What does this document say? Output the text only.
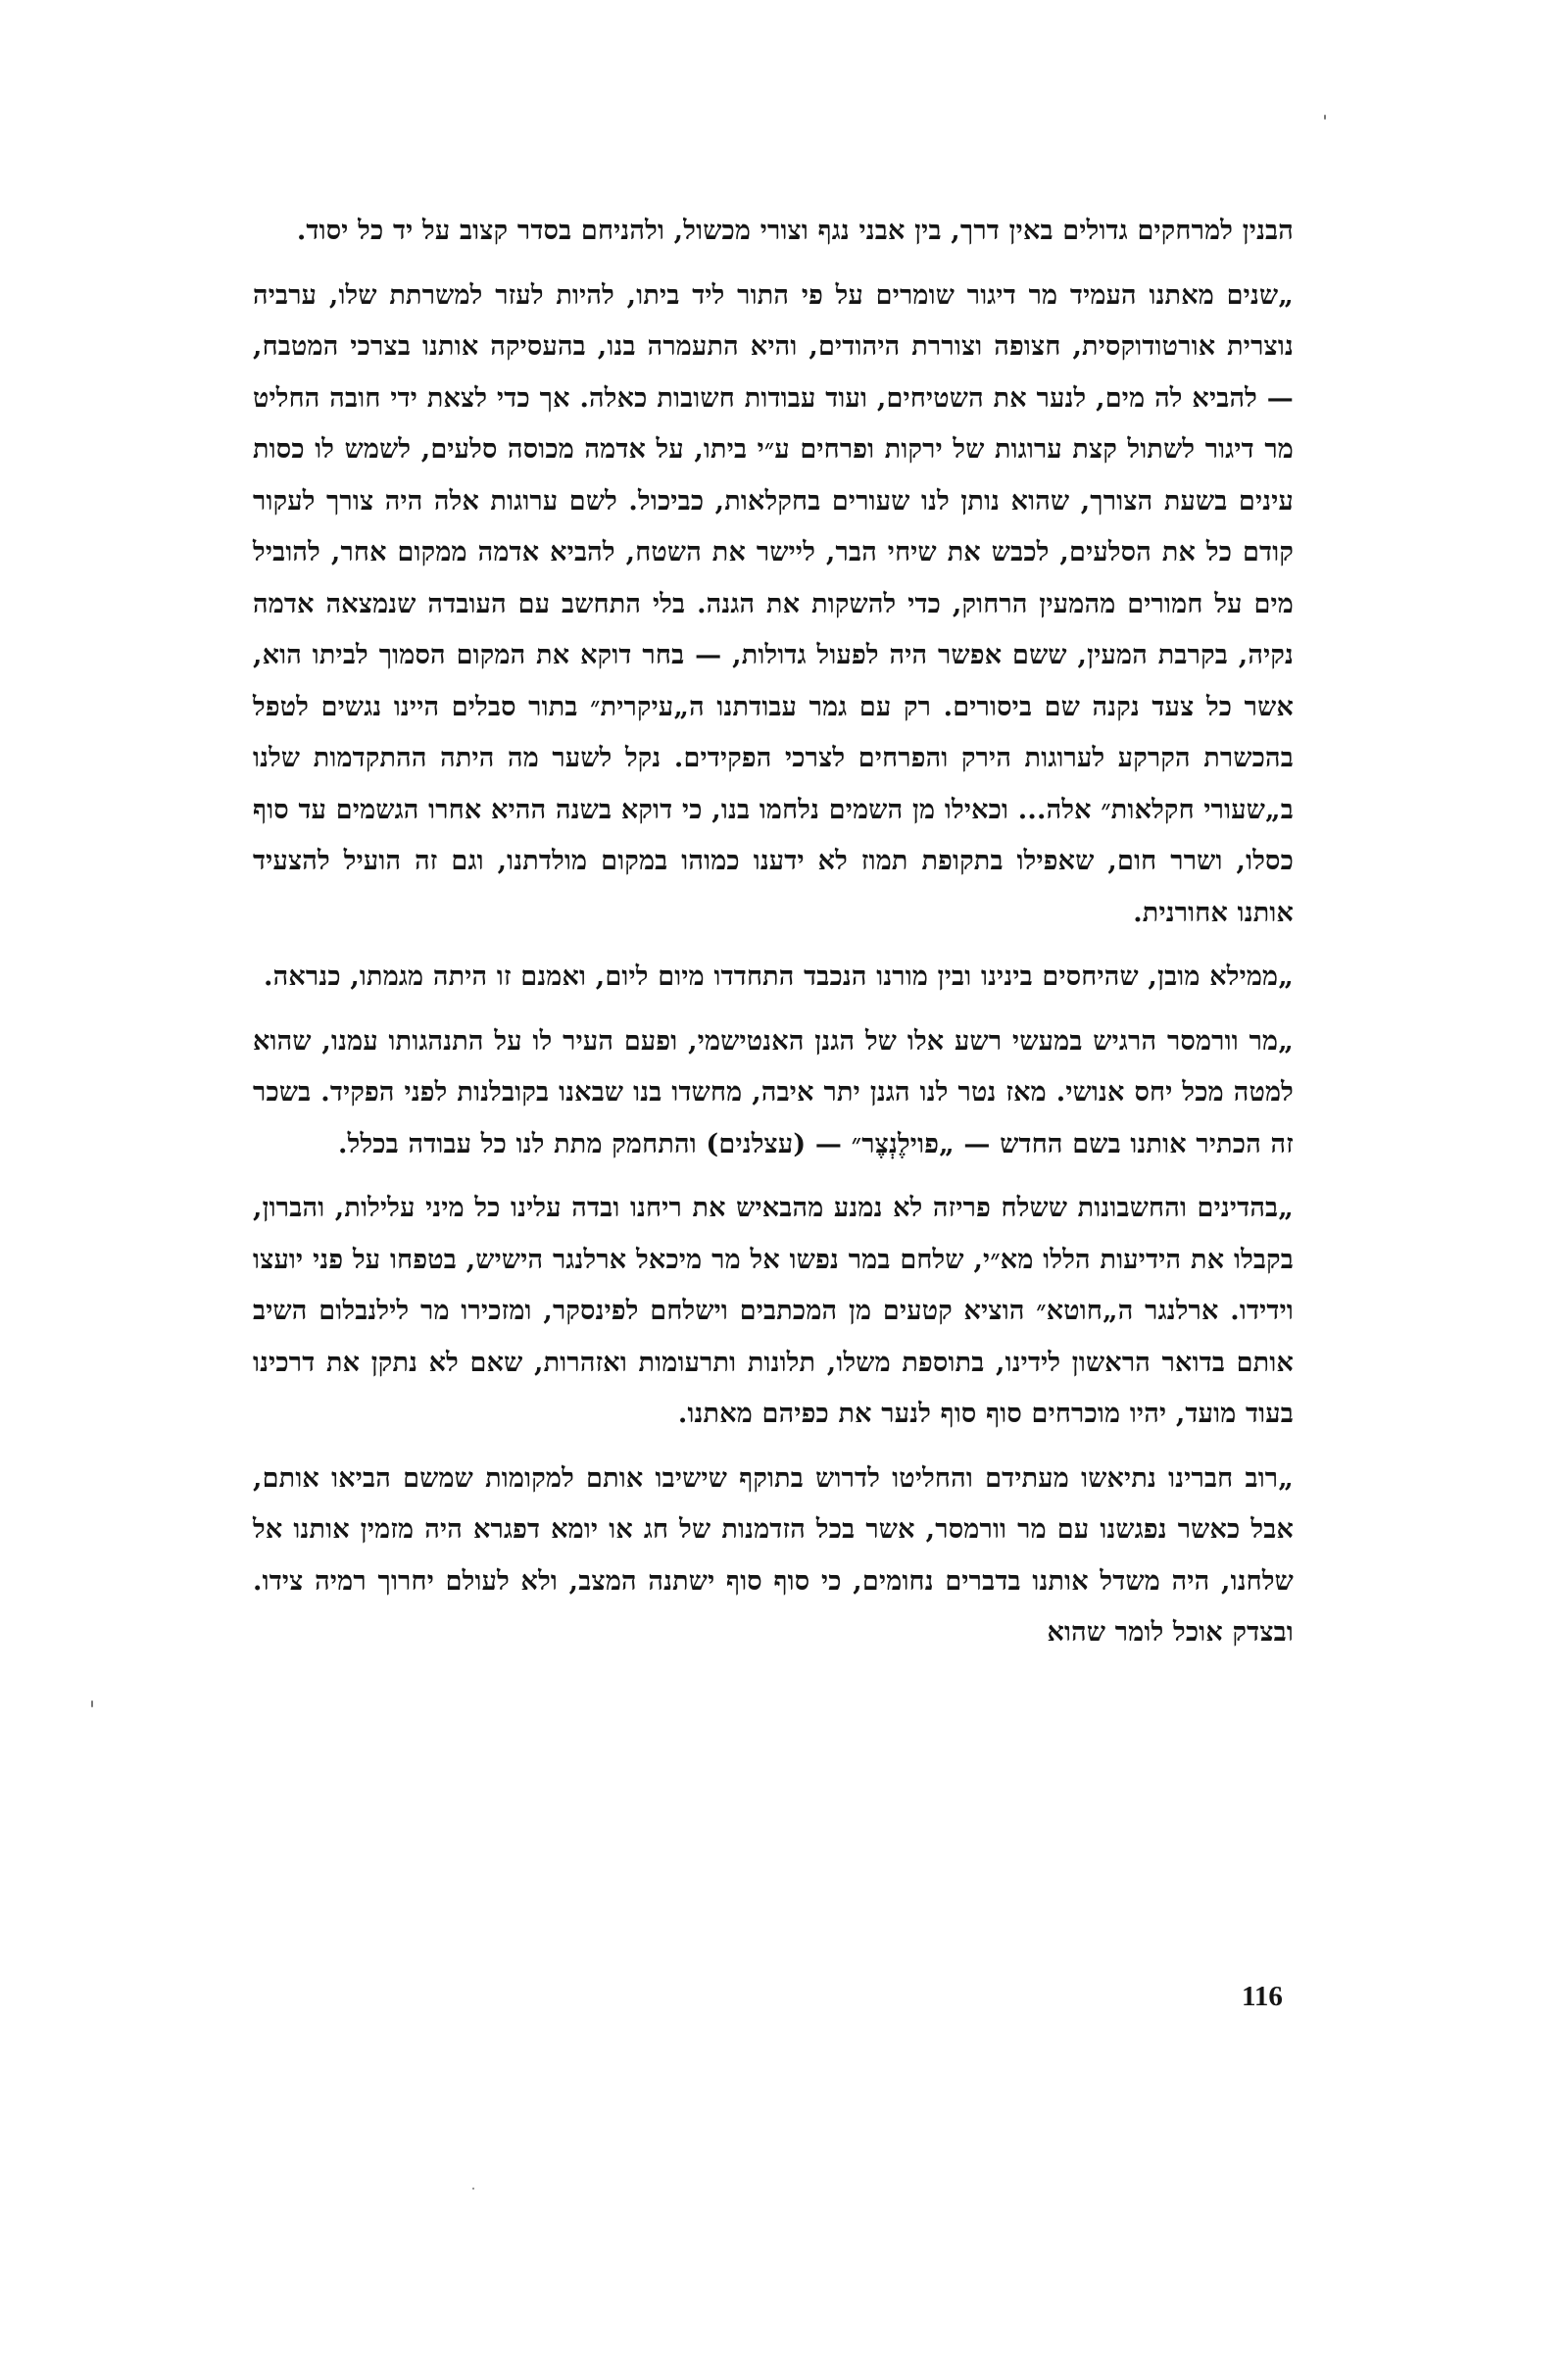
הבנין למרחקים גדולים באין דרך, בין אבני נגף וצורי מכשול, ולהניחם בסדר קצוב על יד כל יסוד.

„שנים מאתנו העמיד מר דיגור שומרים על פי התור ליד ביתו, להיות לעזר למשרתת שלו, ערביה נוצרית אורטודוקסית, חצופה וצוררת היהודים, והיא התעמרה בנו, בהעסיקה אותנו בצרכי המטבח, — להביא לה מים, לנער את השטיחים, ועוד עבודות חשובות כאלה. אך כדי לצאת ידי חובה החליט מר דיגור לשתול קצת ערוגות של ירקות ופרחים ע״י ביתו, על אדמה מכוסה סלעים, לשמש לו כסות עינים בשעת הצורך, שהוא נותן לנו שעורים בחקלאות, כביכול. לשם ערוגות אלה היה צורך לעקור קודם כל את הסלעים, לכבש את שיחי הבר, ליישר את השטח, להביא אדמה ממקום אחר, להוביל מים על חמורים מהמעין הרחוק, כדי להשקות את הגנה. בלי התחשב עם העובדה שנמצאה אדמה נקיה, בקרבת המעין, ששם אפשר היה לפעול גדולות, — בחר דוקא את המקום הסמוך לביתו הוא, אשר כל צעד נקנה שם ביסורים. רק עם גמר עבודתנו ה„עיקרית״ בתור סבלים היינו נגשים לטפל בהכשרת הקרקע לערוגות הירק והפרחים לצרכי הפקידים. נקל לשער מה היתה ההתקדמות שלנו ב„שעורי חקלאות״ אלה... וכאילו מן השמים נלחמו בנו, כי דוקא בשנה ההיא אחרו הגשמים עד סוף כסלו, ושרר חום, שאפילו בתקופת תמוז לא ידענו כמוהו במקום מולדתנו, וגם זה הועיל להצעיד אותנו אחורנית.

„ממילא מובן, שהיחסים בינינו ובין מורנו הנכבד התחדדו מיום ליום, ואמנם זו היתה מגמתו, כנראה.

„מר וורמסר הרגיש במעשי רשע אלו של הגנן האנטישמי, ופעם העיר לו על התנהגותו עמנו, שהוא למטה מכל יחס אנושי. מאז נטר לנו הגנן יתר איבה, מחשדו בנו שבאנו בקובלנות לפני הפקיד. בשכר זה הכתיר אותנו בשם החדש — „פוילֶנְצֶר״ — (עצלנים) והתחמק מתת לנו כל עבודה בכלל.

„בהדינים והחשבונות ששלח פריזה לא נמנע מהבאיש את ריחנו ובדה עלינו כל מיני עלילות, והברון, בקבלו את הידיעות הללו מא״י, שלחם במר נפשו אל מר מיכאל ארלנגר הישיש, בטפחו על פני יועצו וידידו. ארלנגר ה„חוטא״ הוציא קטעים מן המכתבים וישלחם לפינסקר, ומזכירו מר לילנבלום השיב אותם בדואר הראשון לידינו, בתוספת משלו, תלונות ותרעומות ואזהרות, שאם לא נתקן את דרכינו בעוד מועד, יהיו מוכרחים סוף סוף לנער את כפיהם מאתנו.

„רוב חברינו נתיאשו מעתידם והחליטו לדרוש בתוקף שישיבו אותם למקומות שמשם הביאו אותם, אבל כאשר נפגשנו עם מר וורמסר, אשר בכל הזדמנות של חג או יומא דפגרא היה מזמין אותנו אל שלחנו, היה משדל אותנו בדברים נחומים, כי סוף סוף ישתנה המצב, ולא לעולם יחרוך רמיה צידו. ובצדק אוכל לומר שהוא

116
